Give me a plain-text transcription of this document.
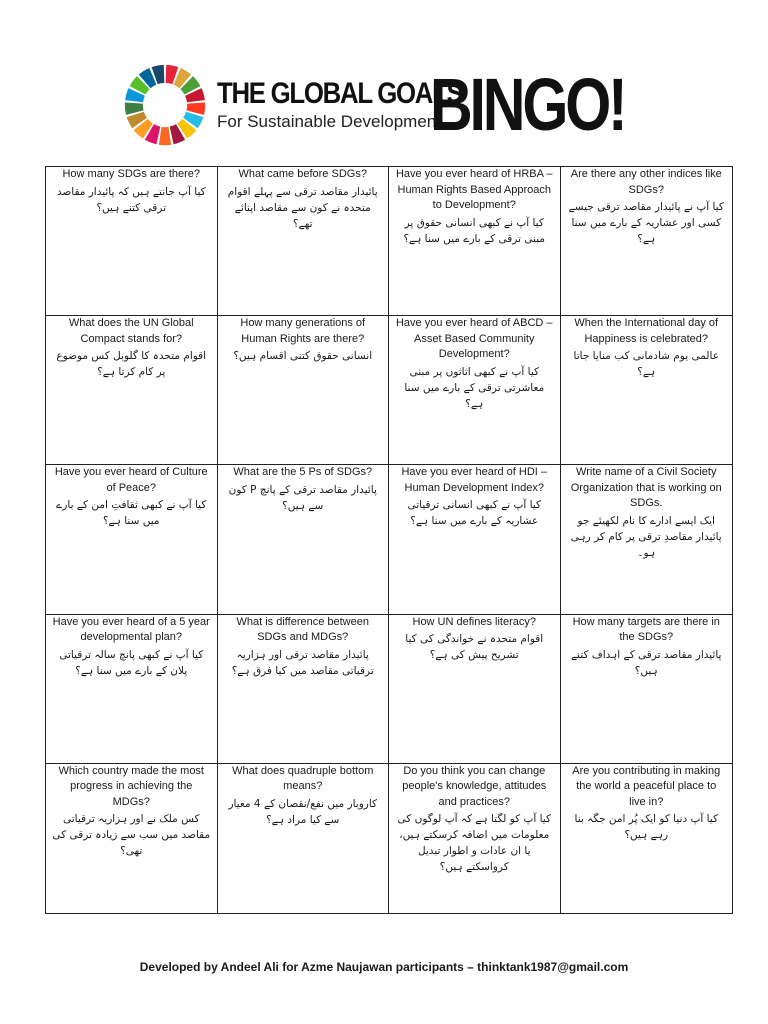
THE GLOBAL GOALS
For Sustainable Development
BINGO!
How many SDGs are there?
کیا آپ جانتے ہیں کہ پائیدار مقاصد ترقی کتنے ہیں؟
What came before SDGs?
پائیدار مقاصد ترقی سے پہلے اقوام متحدہ نے کون سے مقاصد اپنائے تھے؟
Have you ever heard of HRBA – Human Rights Based Approach to Development?
کیا آپ نے کبھی انسانی حقوق پر مبنی ترقی کے بارے میں سنا ہے؟
Are there any other indices like SDGs?
کیا آپ نے پائیدار مقاصد ترقی جیسے کسی اور عشاریہ کے بارے میں سنا ہے؟
What does the UN Global Compact stands for?
اقوام متحدہ کا گلوبل کس موضوع پر کام کرتا ہے؟
How many generations of Human Rights are there?
انسانی حقوق کتنی اقسام ہیں؟
Have you ever heard of ABCD – Asset Based Community Development?
کیا آپ نے کبھی اثاثوں پر مبنی معاشرتی ترقی کے بارے میں سنا ہے؟
When the International day of Happiness is celebrated?
عالمی یوم شادمانی کب منایا جاتا ہے؟
Have you ever heard of Culture of Peace?
کیا آپ نے کبھی ثقافتِ امن کے بارے میں سنا ہے؟
What are the 5 Ps of SDGs?
پائیدار مقاصد ترقی کے پانچ P کون سے ہیں؟
Have you ever heard of HDI – Human Development Index?
کیا آپ نے کبھی انسانی ترقیاتی عشاریہ کے بارے میں سنا ہے؟
Write name of a Civil Society Organization that is working on SDGs.
ایک ایسے ادارے کا نام لکھیئے جو پائیدار مقاصدِ ترقی پر کام کر رہی ہو۔
Have you ever heard of a 5 year developmental plan?
کیا آپ نے کبھی پانچ سالہ ترقیاتی پلان کے بارے میں سنا ہے؟
What is difference between SDGs and MDGs?
پائیدار مقاصد ترقی اور ہزاریہ ترقیاتی مقاصد میں کیا فرق ہے؟
How UN defines literacy?
اقوام متحدہ نے خواندگی کی کیا تشریح پیش کی ہے؟
How many targets are there in the SDGs?
پائیدار مقاصد ترقی کے اہداف کتنے ہیں؟
Which country made the most progress in achieving the MDGs?
کس ملک نے اور ہزاریہ ترقیاتی مقاصد میں سب سے زیادہ ترقی کی تھی؟
What does quadruple bottom means?
کاروبار میں نفع/نقصان کے 4 معیار سے کیا مراد ہے؟
Do you think you can change people's knowledge, attitudes and practices?
کیا آپ کو لگتا ہے کہ آپ لوگوں کی معلومات میں اضافہ کرسکتے ہیں، یا ان عادات و اطوار تبدیل کرواسکتے ہیں؟
Are you contributing in making the world a peaceful place to live in?
کیا آپ دنیا کو ایک پُر امن جگہ بنا رہے ہیں؟
Developed by Andeel Ali for Azme Naujawan participants – thinktank1987@gmail.com
